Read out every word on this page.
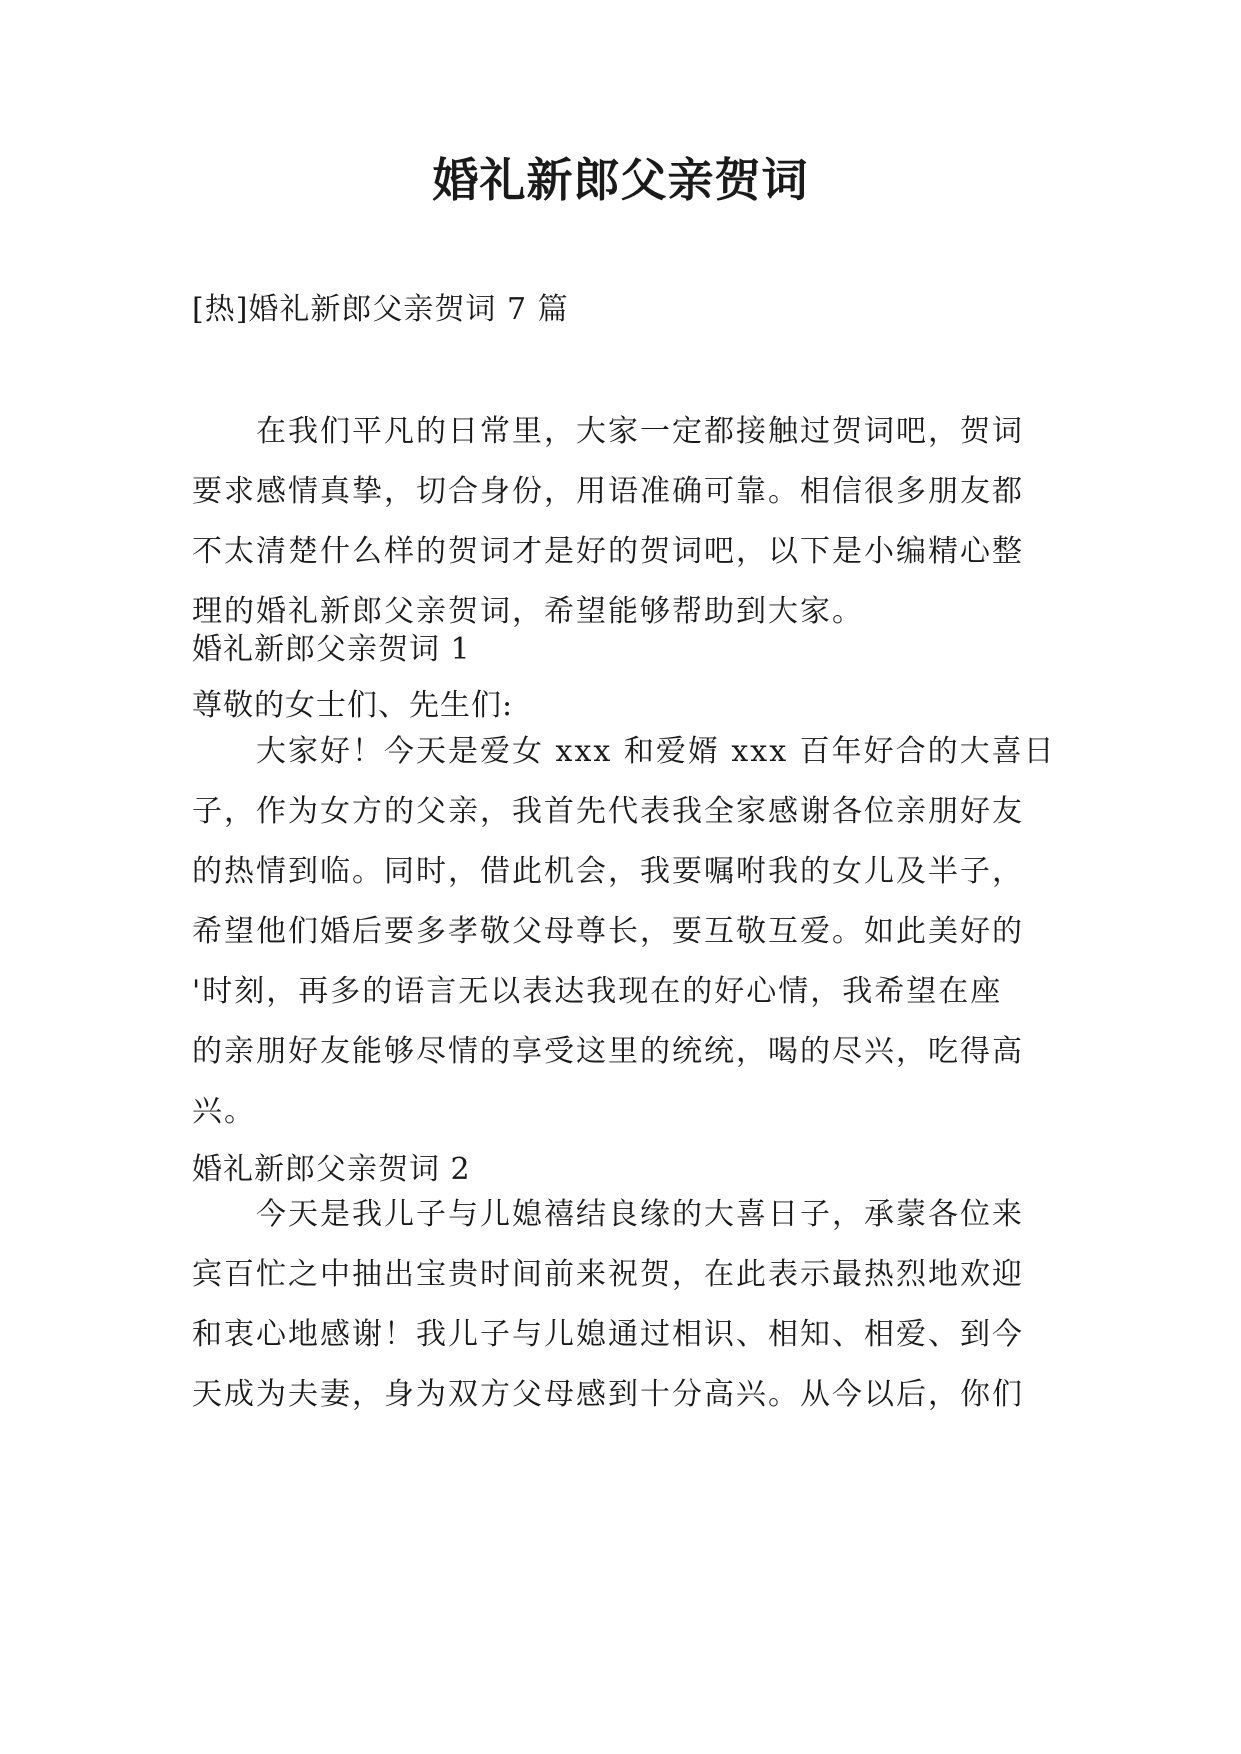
婚礼新郎父亲贺词
[热]婚礼新郎父亲贺词 7 篇
　　在我们平凡的日常里，大家一定都接触过贺词吧，贺词
要求感情真挚，切合身份，用语准确可靠。相信很多朋友都
不太清楚什么样的贺词才是好的贺词吧，以下是小编精心整
理的婚礼新郎父亲贺词，希望能够帮助到大家。
婚礼新郎父亲贺词 1
尊敬的女士们、先生们:
　　大家好！今天是爱女 xxx 和爱婿 xxx 百年好合的大喜日
子，作为女方的父亲，我首先代表我全家感谢各位亲朋好友
的热情到临。同时，借此机会，我要嘱咐我的女儿及半子，
希望他们婚后要多孝敬父母尊长，要互敬互爱。如此美好的
'时刻，再多的语言无以表达我现在的好心情，我希望在座
的亲朋好友能够尽情的享受这里的统统，喝的尽兴，吃得高
兴。
婚礼新郎父亲贺词 2
　　今天是我儿子与儿媳禧结良缘的大喜日子，承蒙各位来
宾百忙之中抽出宝贵时间前来祝贺，在此表示最热烈地欢迎
和衷心地感谢！我儿子与儿媳通过相识、相知、相爱、到今
天成为夫妻，身为双方父母感到十分高兴。从今以后，你们
